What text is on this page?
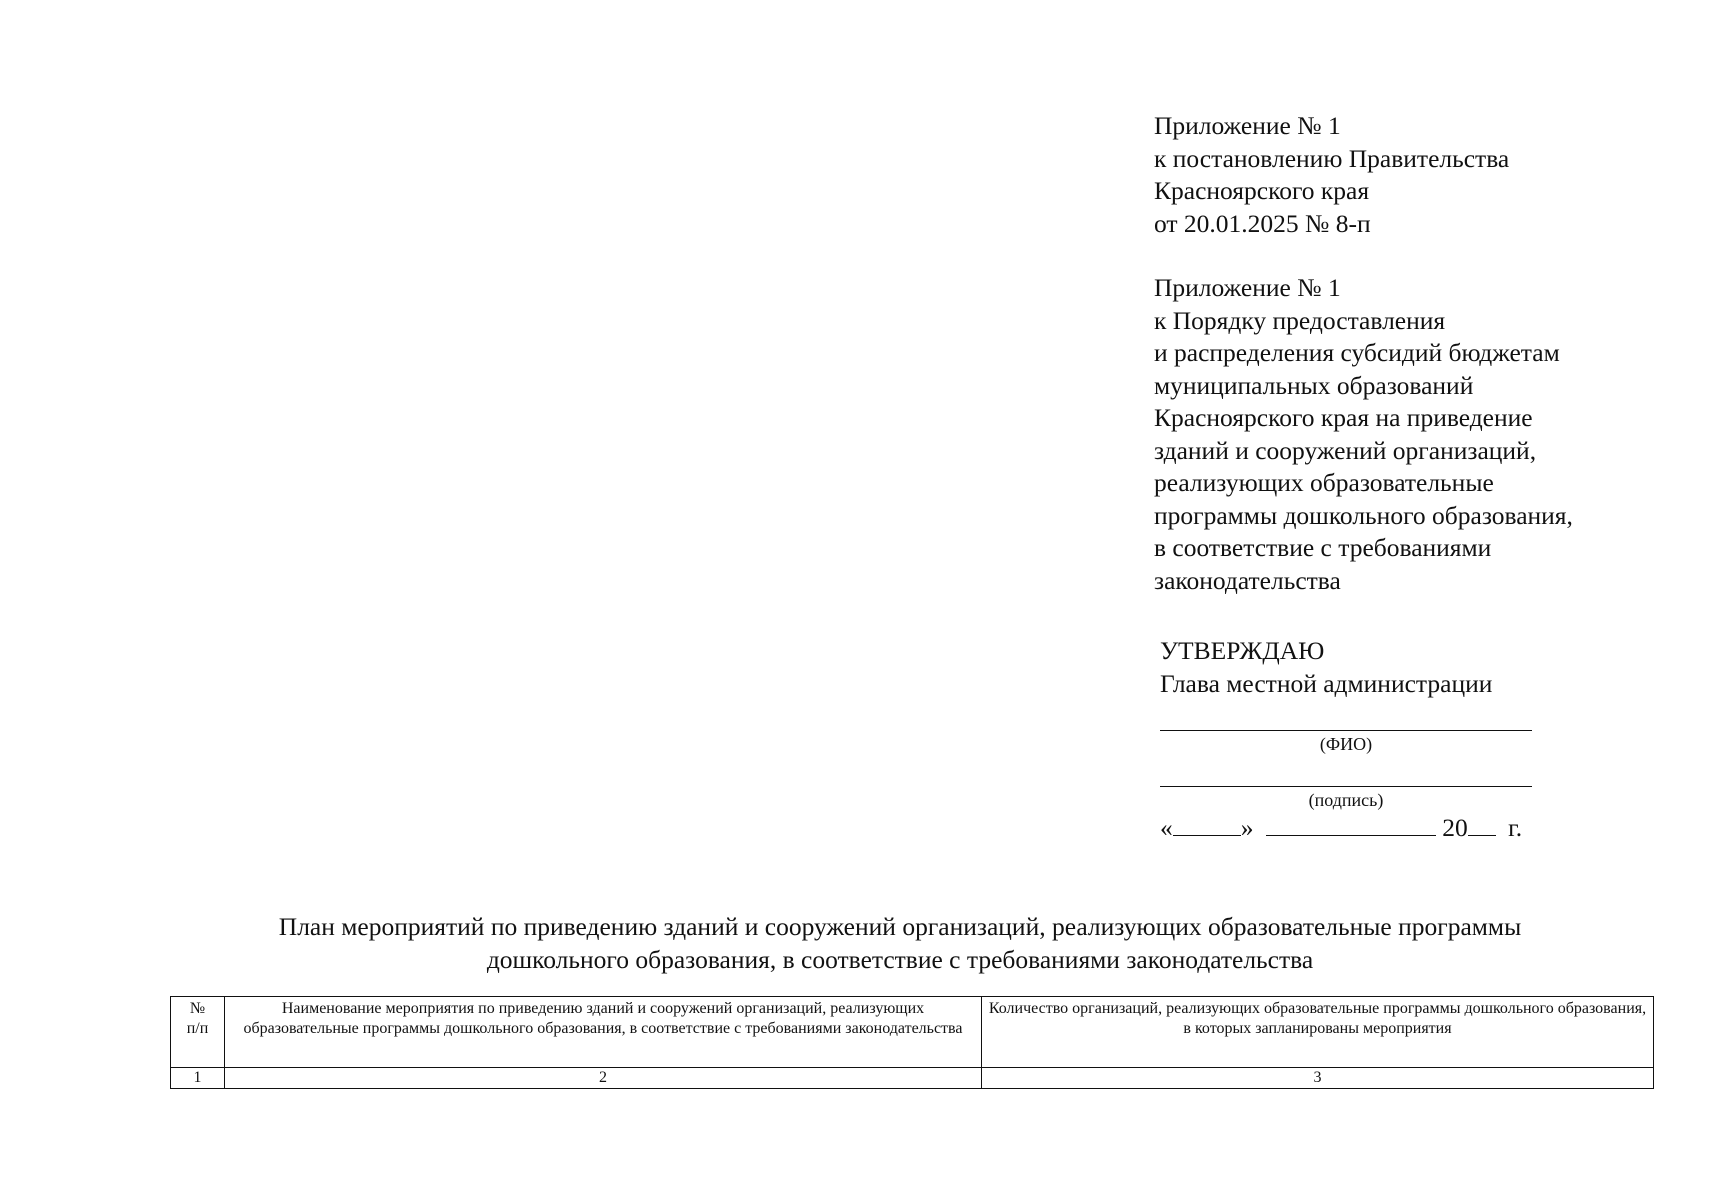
Приложение № 1
к постановлению Правительства
Красноярского края
от 20.01.2025 № 8-п
Приложение № 1
к Порядку предоставления
и распределения субсидий бюджетам
муниципальных образований
Красноярского края на приведение
зданий и сооружений организаций,
реализующих образовательные
программы дошкольного образования,
в соответствие с требованиями
законодательства
УТВЕРЖДАЮ
Глава местной администрации
(ФИО)
(подпись)
«	»	20 г.
План мероприятий по приведению зданий и сооружений организаций, реализующих образовательные программы
дошкольного образования, в соответствие с требованиями законодательства
№
п/п	Наименование мероприятия по приведению зданий и сооружений организаций, реализующих образовательные программы дошкольного образования, в соответствие с требованиями законодательства	Количество организаций, реализующих образовательные программы дошкольного образования, в которых запланированы мероприятия
1	2	3
